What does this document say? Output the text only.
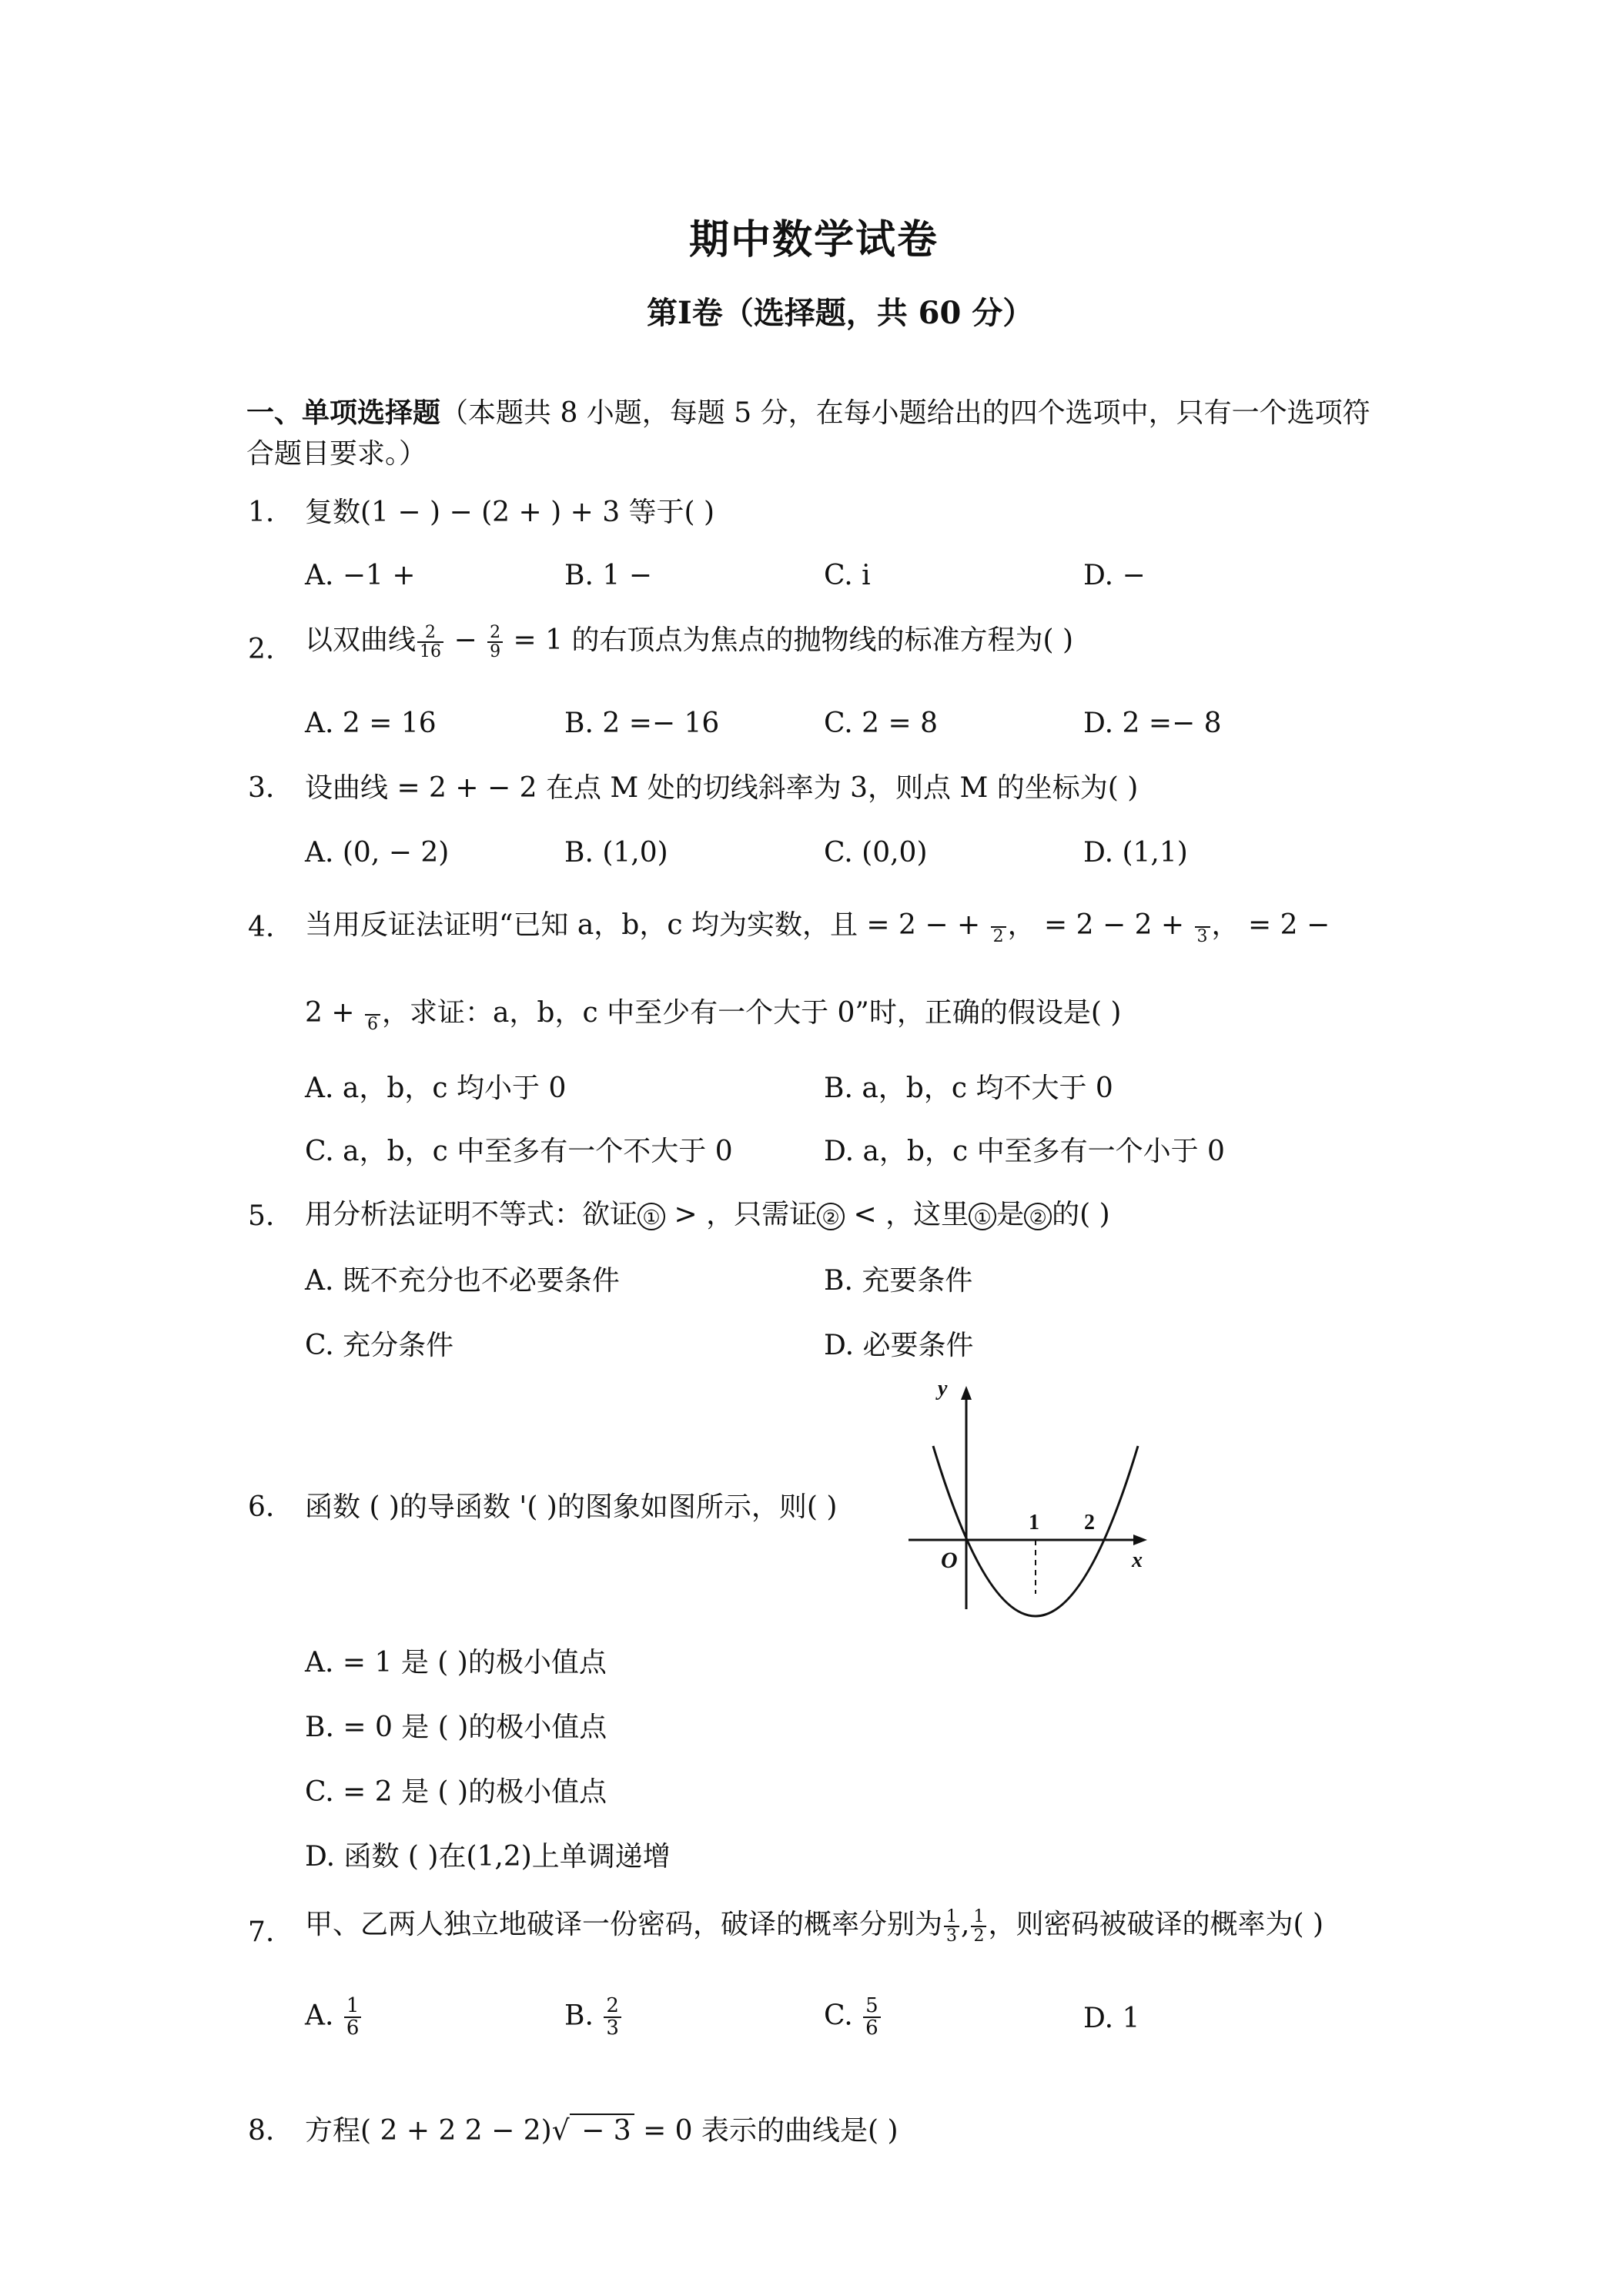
期中数学试卷
第Ⅰ卷（选择题，共 60 分）
一、单项选择题（本题共 8 小题，每题 5 分，在每小题给出的四个选项中，只有一个选项符
合题目要求。）
1. 复数(1 − ) − (2 + ) + 3 等于( )
A. −1 +	B. 1 −	C. i	D. −
2. 以双曲线 $\frac{2}{16} - \frac{2}{9} = 1$ 的右顶点为焦点的抛物线的标准方程为( )
A. 2 = 16	B. 2 =− 16	C. 2 = 8	D. 2 =− 8
3. 设曲线 = 2 + − 2 在点 M 处的切线斜率为 3，则点 M 的坐标为( )
A. (0, − 2)	B. (1,0)	C. (0,0)	D. (1,1)
4. 当用反证法证明“已知 a，b，c 均为实数，且 = 2 − +
2 ， = 2 − 2 +
3 ， = 2 −
2 +
6 ，求证：a，b，c 中至少有一个大于 0”时，正确的假设是( )
A. a，b，c 均小于 0	B. a，b，c 均不大于 0
C. a，b，c 中至多有一个不大于 0	D. a，b，c 中至多有一个小于 0
5. 用分析法证明不等式：欲证 ① > ，只需证 ② < ，这里 ① 是 ② 的( )
A. 既不充分也不必要条件	B. 充要条件
C. 充分条件	D. 必要条件
6. 函数 ( )的导函数 '( )的图象如图所示，则( )
y
x
O
1 2
A. = 1 是 ( )的极小值点
B. = 0 是 ( )的极小值点
C. = 2 是 ( )的极小值点
D. 函数 ( )在(1,2)上单调递增
7. 甲、乙两人独立地破译一份密码，破译的概率分别为 $\frac{1}{3}$ , $\frac{1}{2}$ ，则密码被破译的概率为( )
A. $\frac{1}{6}$	B. $\frac{2}{3}$	C. $\frac{5}{6}$	D. 1
8. 方程( 2 + 2 2 − 2)√ − 3 = 0 表示的曲线是( )
